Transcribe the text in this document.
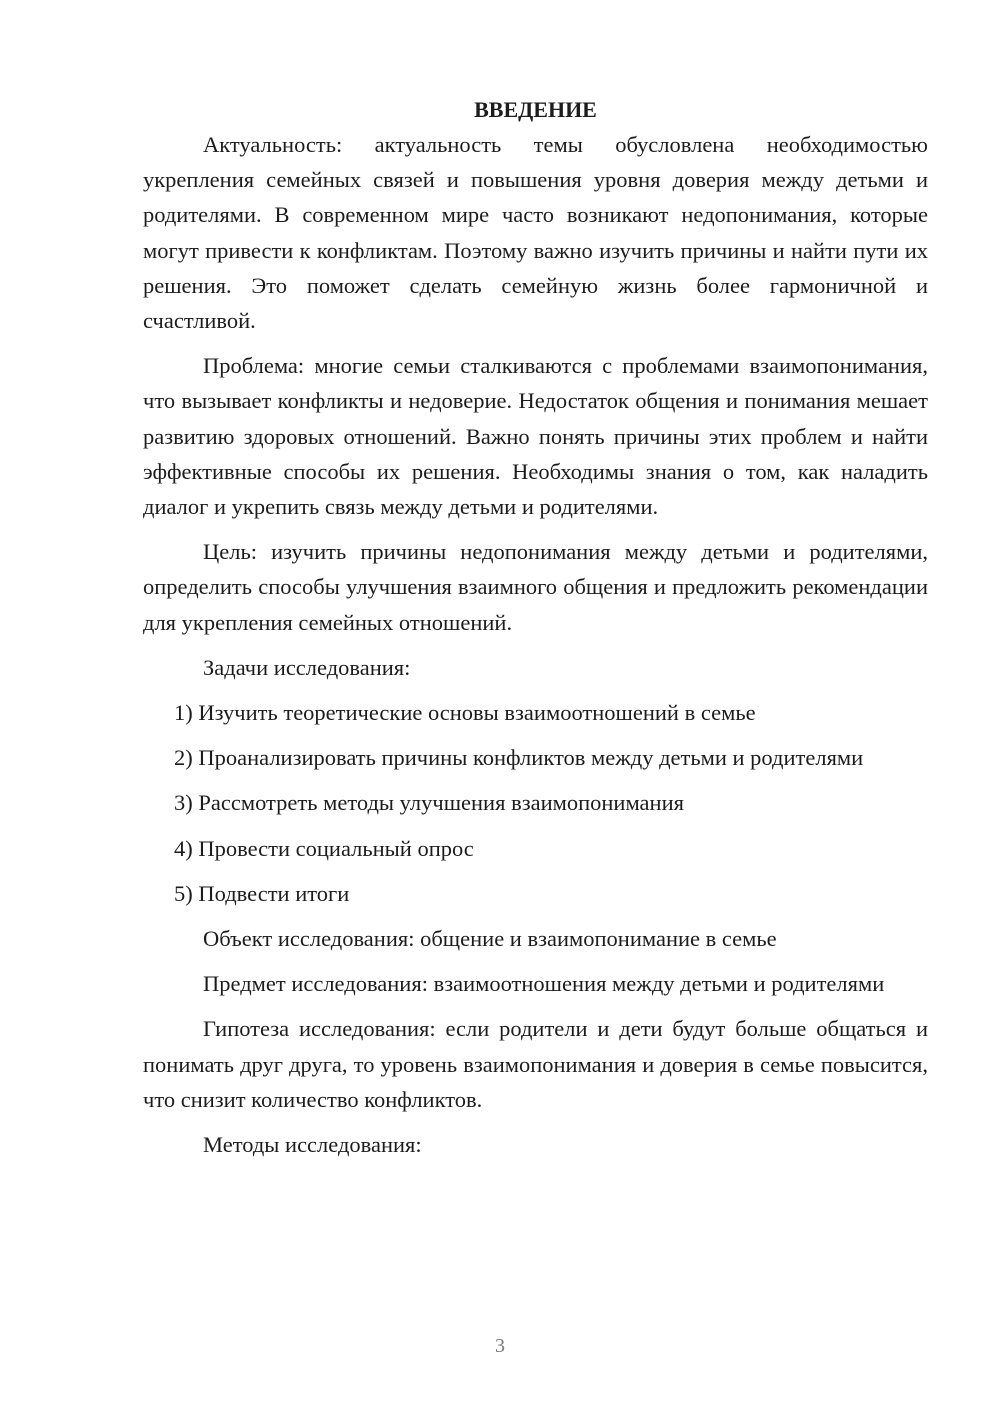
ВВЕДЕНИЕ

Актуальность: актуальность темы обусловлена необходимостью укрепления семейных связей и повышения уровня доверия между детьми и родителями. В современном мире часто возникают недопонимания, которые могут привести к конфликтам. Поэтому важно изучить причины и найти пути их решения. Это поможет сделать семейную жизнь более гармоничной и счастливой.

Проблема: многие семьи сталкиваются с проблемами взаимопонимания, что вызывает конфликты и недоверие. Недостаток общения и понимания мешает развитию здоровых отношений. Важно понять причины этих проблем и найти эффективные способы их решения. Необходимы знания о том, как наладить диалог и укрепить связь между детьми и родителями.

Цель: изучить причины недопонимания между детьми и родителями, определить способы улучшения взаимного общения и предложить рекомендации для укрепления семейных отношений.

Задачи исследования:

1) Изучить теоретические основы взаимоотношений в семье

2) Проанализировать причины конфликтов между детьми и родителями

3) Рассмотреть методы улучшения взаимопонимания

4) Провести социальный опрос

5) Подвести итоги

Объект исследования: общение и взаимопонимание в семье

Предмет исследования: взаимоотношения между детьми и родителями

Гипотеза исследования: если родители и дети будут больше общаться и понимать друг друга, то уровень взаимопонимания и доверия в семье повысится, что снизит количество конфликтов.

Методы исследования:

3
